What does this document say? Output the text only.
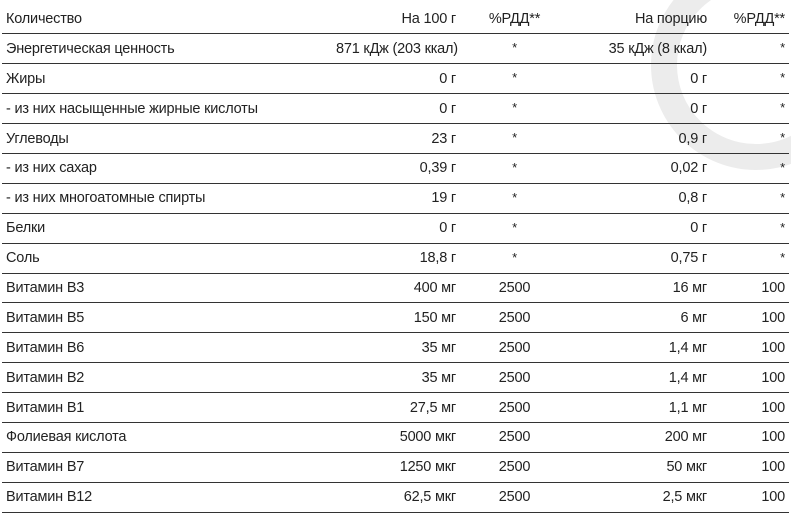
Количество	На 100 г	%РДД**	На порцию	%РДД**
Энергетическая ценность	871 кДж (203 ккал)	*	35 кДж (8 ккал)	*
Жиры	0 г	*	0 г	*
- из них насыщенные жирные кислоты	0 г	*	0 г	*
Углеводы	23 г	*	0,9 г	*
- из них сахар	0,39 г	*	0,02 г	*
- из них многоатомные спирты	19 г	*	0,8 г	*
Белки	0 г	*	0 г	*
Соль	18,8 г	*	0,75 г	*
Витамин В3	400 мг	2500	16 мг	100
Витамин В5	150 мг	2500	6 мг	100
Витамин В6	35 мг	2500	1,4 мг	100
Витамин В2	35 мг	2500	1,4 мг	100
Витамин В1	27,5 мг	2500	1,1 мг	100
Фолиевая кислота	5000 мкг	2500	200 мг	100
Витамин В7	1250 мкг	2500	50 мкг	100
Витамин В12	62,5 мкг	2500	2,5 мкг	100
